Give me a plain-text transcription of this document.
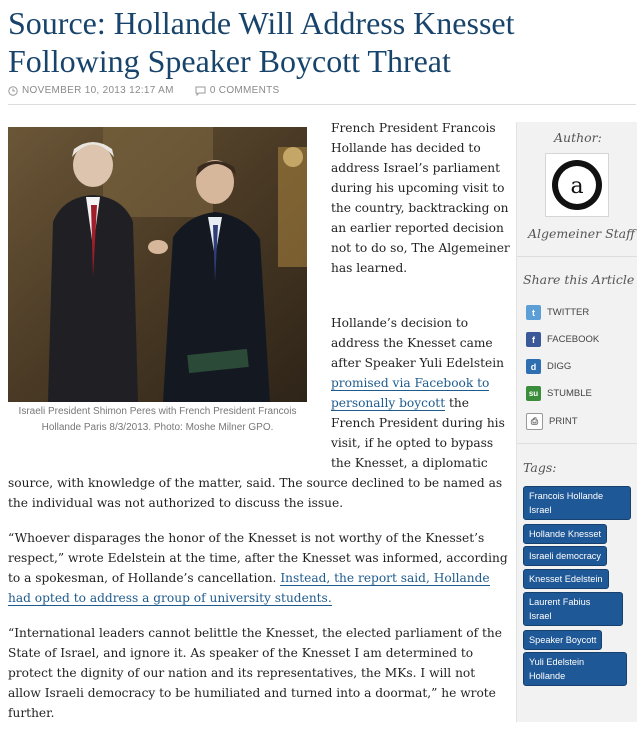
Source: Hollande Will Address Knesset Following Speaker Boycott Threat
NOVEMBER 10, 2013 12:17 AM
	0 COMMENTS
Israeli President Shimon Peres with French President Francois Hollande Paris 8/3/2013. Photo: Moshe Milner GPO.

French President Francois Hollande has decided to address Israel’s parliament during his upcoming visit to the country, backtracking on an earlier reported decision not to do so, The Algemeiner has learned.

Hollande’s decision to address the Knesset came after Speaker Yuli Edelstein promised via Facebook to personally boycott the French President during his visit, if he opted to bypass the Knesset, a diplomatic

source, with knowledge of the matter, said. The source declined to be named as the individual was not authorized to discuss the issue.

“Whoever disparages the honor of the Knesset is not worthy of the Knesset’s respect,” wrote Edelstein at the time, after the Knesset was informed, according to a spokesman, of Hollande’s cancellation. Instead, the report said, Hollande had opted to address a group of university students.

“International leaders cannot belittle the Knesset, the elected parliament of the State of Israel, and ignore it. As speaker of the Knesset I am determined to protect the dignity of our nation and its representatives, the MKs. I will not allow Israeli democracy to be humiliated and turned into a doormat,” he wrote further.

Author:
a
Algemeiner Staff
Share this Article
t	TWITTER
f	FACEBOOK
d	DIGG
su STUMBLE
⎙	PRINT
Tags:
Francois Hollande
Israel
Hollande Knesset
Israeli democracy
Knesset Edelstein
Laurent Fabius
Israel
Speaker Boycott
Yuli Edelstein
Hollande
